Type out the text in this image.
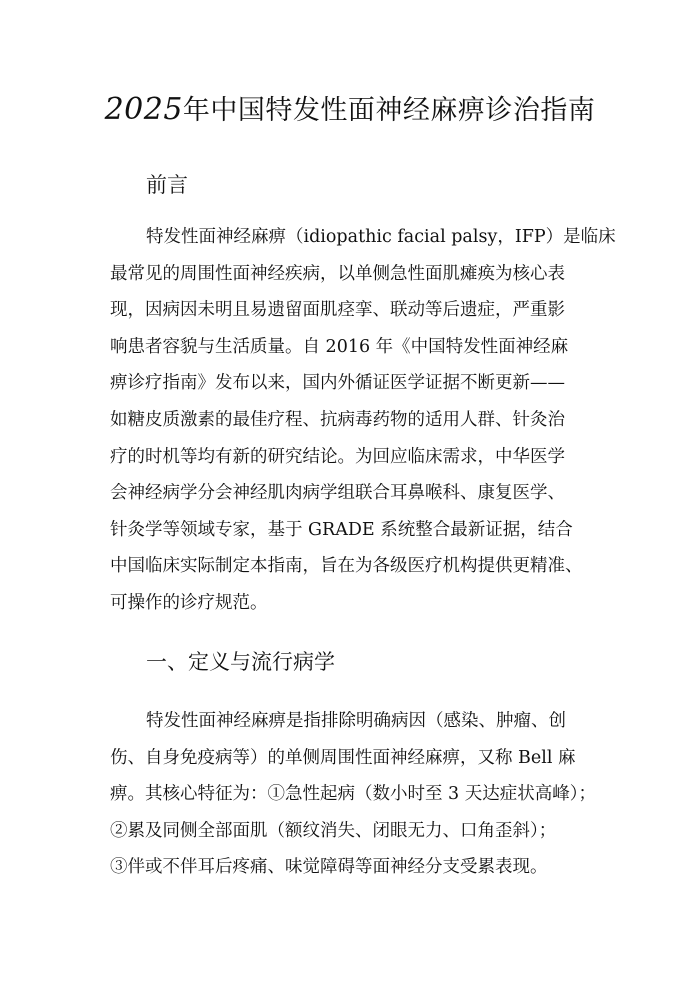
2025年中国特发性面神经麻痹诊治指南
前言
特发性面神经麻痹（idiopathic facial palsy，IFP）是临床
最常见的周围性面神经疾病，以单侧急性面肌瘫痪为核心表
现，因病因未明且易遗留面肌痉挛、联动等后遗症，严重影
响患者容貌与生活质量。自 2016 年《中国特发性面神经麻
痹诊疗指南》发布以来，国内外循证医学证据不断更新——
如糖皮质激素的最佳疗程、抗病毒药物的适用人群、针灸治
疗的时机等均有新的研究结论。为回应临床需求，中华医学
会神经病学分会神经肌肉病学组联合耳鼻喉科、康复医学、
针灸学等领域专家，基于 GRADE 系统整合最新证据，结合
中国临床实际制定本指南，旨在为各级医疗机构提供更精准、
可操作的诊疗规范。
一、定义与流行病学
特发性面神经麻痹是指排除明确病因（感染、肿瘤、创
伤、自身免疫病等）的单侧周围性面神经麻痹，又称 Bell 麻
痹。其核心特征为：①急性起病（数小时至 3 天达症状高峰）；
②累及同侧全部面肌（额纹消失、闭眼无力、口角歪斜）；
③伴或不伴耳后疼痛、味觉障碍等面神经分支受累表现。
